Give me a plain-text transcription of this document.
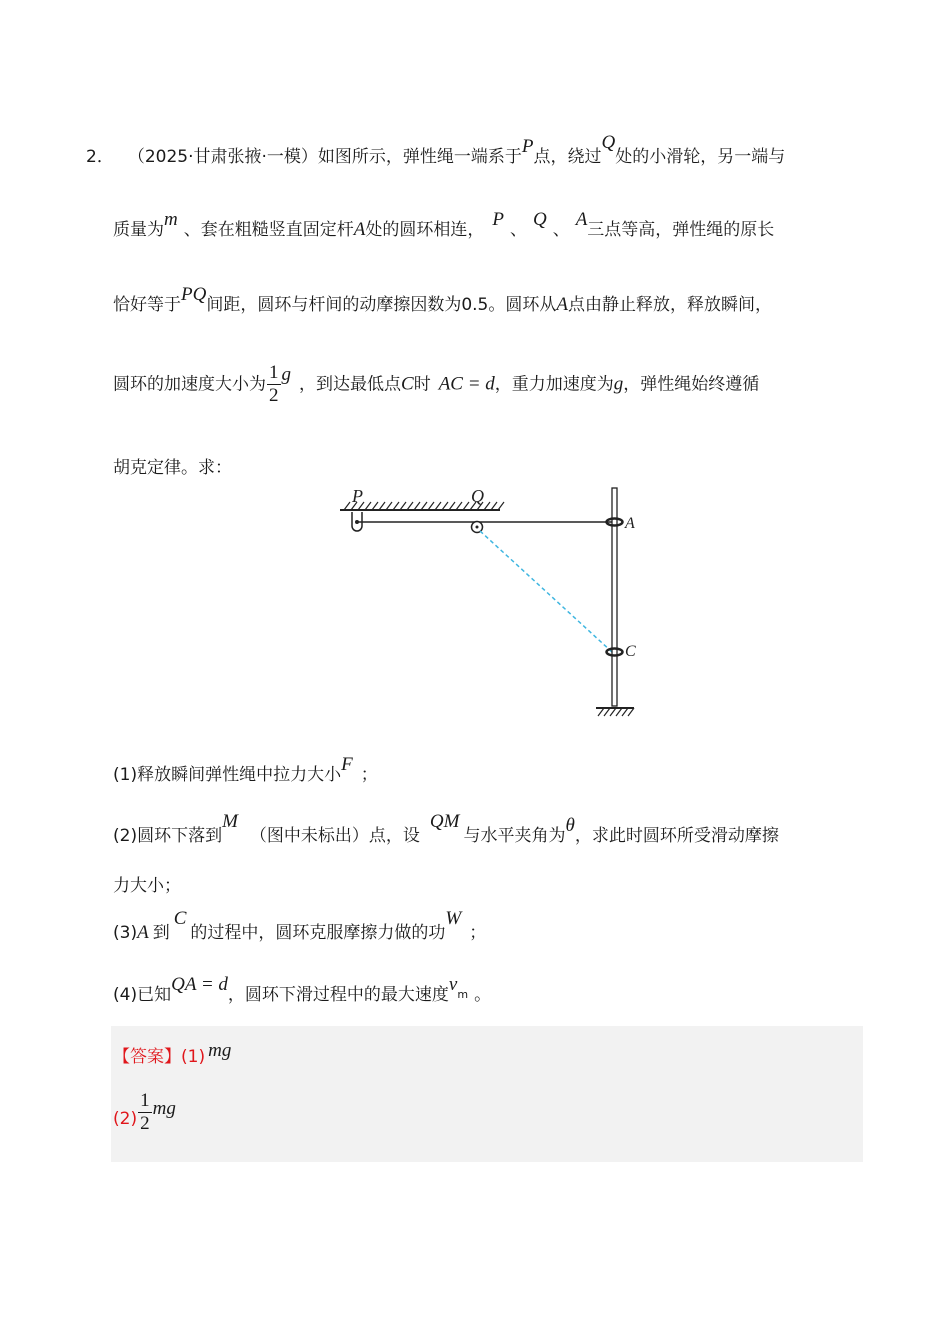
2． （2025·甘肃张掖·一模）如图所示，弹性绳一端系于P点，绕过Q处的小滑轮，另一端与
质量为m 、套在粗糙竖直固定杆A处的圆环相连， P 、 Q 、 A三点等高，弹性绳的原长
恰好等于PQ间距，圆环与杆间的动摩擦因数为0.5。圆环从A点由静止释放，释放瞬间，
圆环的加速度大小为 $\frac{1}{2}$ g ，到达最低点C时 AC = d，重力加速度为g，弹性绳始终遵循
胡克定律。求：
P	Q
A
C
(1)释放瞬间弹性绳中拉力大小F ；
(2)圆环下落到M（图中未标出）点，设QM与水平夹角为θ，求此时圆环所受滑动摩擦
力大小；
(3)A 到C的过程中，圆环克服摩擦力做的功W；
(4)已知QA = d，圆环下滑过程中的最大速度vm 。
【答案】(1) mg
$(2) \frac{1}{2}$ mg
